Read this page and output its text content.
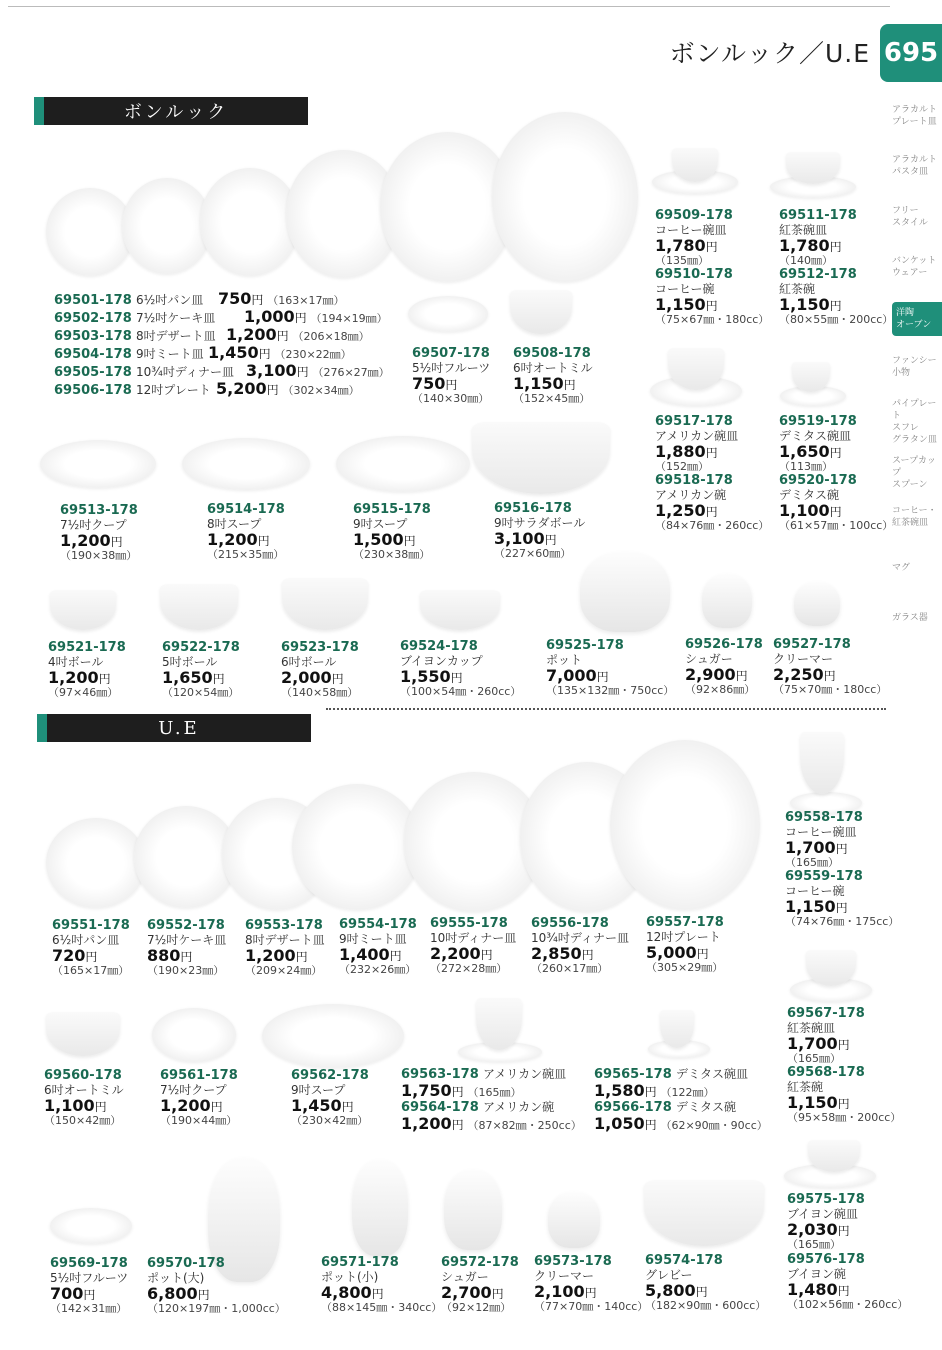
ボンルック／U.E 695
アラカルト
プレート皿
アラカルト
パスタ皿
フリー
スタイル
バンケット
ウェアー
洋陶
オーブン
ファンシー
小物
パイプレート
スフレ
グラタン皿
スープカップ
スプーン
コーヒー・
紅茶碗皿
マグ
ガラス器
ボンルック
U.E
69501-178 6½吋パン皿 750円 （163×17㎜）
69502-178 7½吋ケーキ皿 1,000円 （194×19㎜）
69503-178 8吋デザート皿 1,200円 （206×18㎜）
69504-178 9吋ミート皿 1,450円 （230×22㎜）
69505-178 10¾吋ディナー皿 3,100円 （276×27㎜）
69506-178 12吋プレート 5,200円 （302×34㎜）
69507-178
5½吋フルーツ
750円
（140×30㎜）
69508-178
6吋オートミル
1,150円
（152×45㎜）
69509-178
コーヒー碗皿
1,780円
（135㎜）
69510-178
コーヒー碗
1,150円
（75×67㎜・180cc）
69511-178
紅茶碗皿
1,780円
（140㎜）
69512-178
紅茶碗
1,150円
（80×55㎜・200cc）
69517-178
アメリカン碗皿
1,880円
（152㎜）
69518-178
アメリカン碗
1,250円
（84×76㎜・260cc）
69519-178
デミタス碗皿
1,650円
（113㎜）
69520-178
デミタス碗
1,100円
（61×57㎜・100cc）
69513-178
7½吋クープ
1,200円
（190×38㎜）
69514-178
8吋スープ
1,200円
（215×35㎜）
69515-178
9吋スープ
1,500円
（230×38㎜）
69516-178
9吋サラダボール
3,100円
（227×60㎜）
69521-178
4吋ボール
1,200円
（97×46㎜）
69522-178
5吋ボール
1,650円
（120×54㎜）
69523-178
6吋ボール
2,000円
（140×58㎜）
69524-178
ブイヨンカップ
1,550円
（100×54㎜・260cc）
69525-178
ポット
7,000円
（135×132㎜・750cc）
69526-178
シュガー
2,900円
（92×86㎜）
69527-178
クリーマー
2,250円
（75×70㎜・180cc）
69558-178
コーヒー碗皿
1,700円
（165㎜）
69559-178
コーヒー碗
1,150円
（74×76㎜・175cc）
69551-178
6½吋パン皿
720円
（165×17㎜）
69552-178
7½吋ケーキ皿
880円
（190×23㎜）
69553-178
8吋デザート皿
1,200円
（209×24㎜）
69554-178
9吋ミート皿
1,400円
（232×26㎜）
69555-178
10吋ディナー皿
2,200円
（272×28㎜）
69556-178
10¾吋ディナー皿
2,850円
（260×17㎜）
69557-178
12吋プレート
5,000円
（305×29㎜）
69567-178
紅茶碗皿
1,700円
（165㎜）
69568-178
紅茶碗
1,150円
（95×58㎜・200cc）
69560-178
6吋オートミル
1,100円
（150×42㎜）
69561-178
7½吋クープ
1,200円
（190×44㎜）
69562-178
9吋スープ
1,450円
（230×42㎜）
69563-178 アメリカン碗皿
1,750円 （165㎜）
69564-178 アメリカン碗
1,200円 （87×82㎜・250cc）
69565-178 デミタス碗皿
1,580円 （122㎜）
69566-178 デミタス碗
1,050円 （62×90㎜・90cc）
69575-178
ブイヨン碗皿
2,030円
（165㎜）
69576-178
ブイヨン碗
1,480円
（102×56㎜・260cc）
69569-178
5½吋フルーツ
700円
（142×31㎜）
69570-178
ポット(大)
6,800円
（120×197㎜・1,000cc）
69571-178
ポット(小)
4,800円
（88×145㎜・340cc）
69572-178
シュガー
2,700円
（92×12㎜）
69573-178
クリーマー
2,100円
（77×70㎜・140cc）
69574-178
グレビー
5,800円
（182×90㎜・600cc）
